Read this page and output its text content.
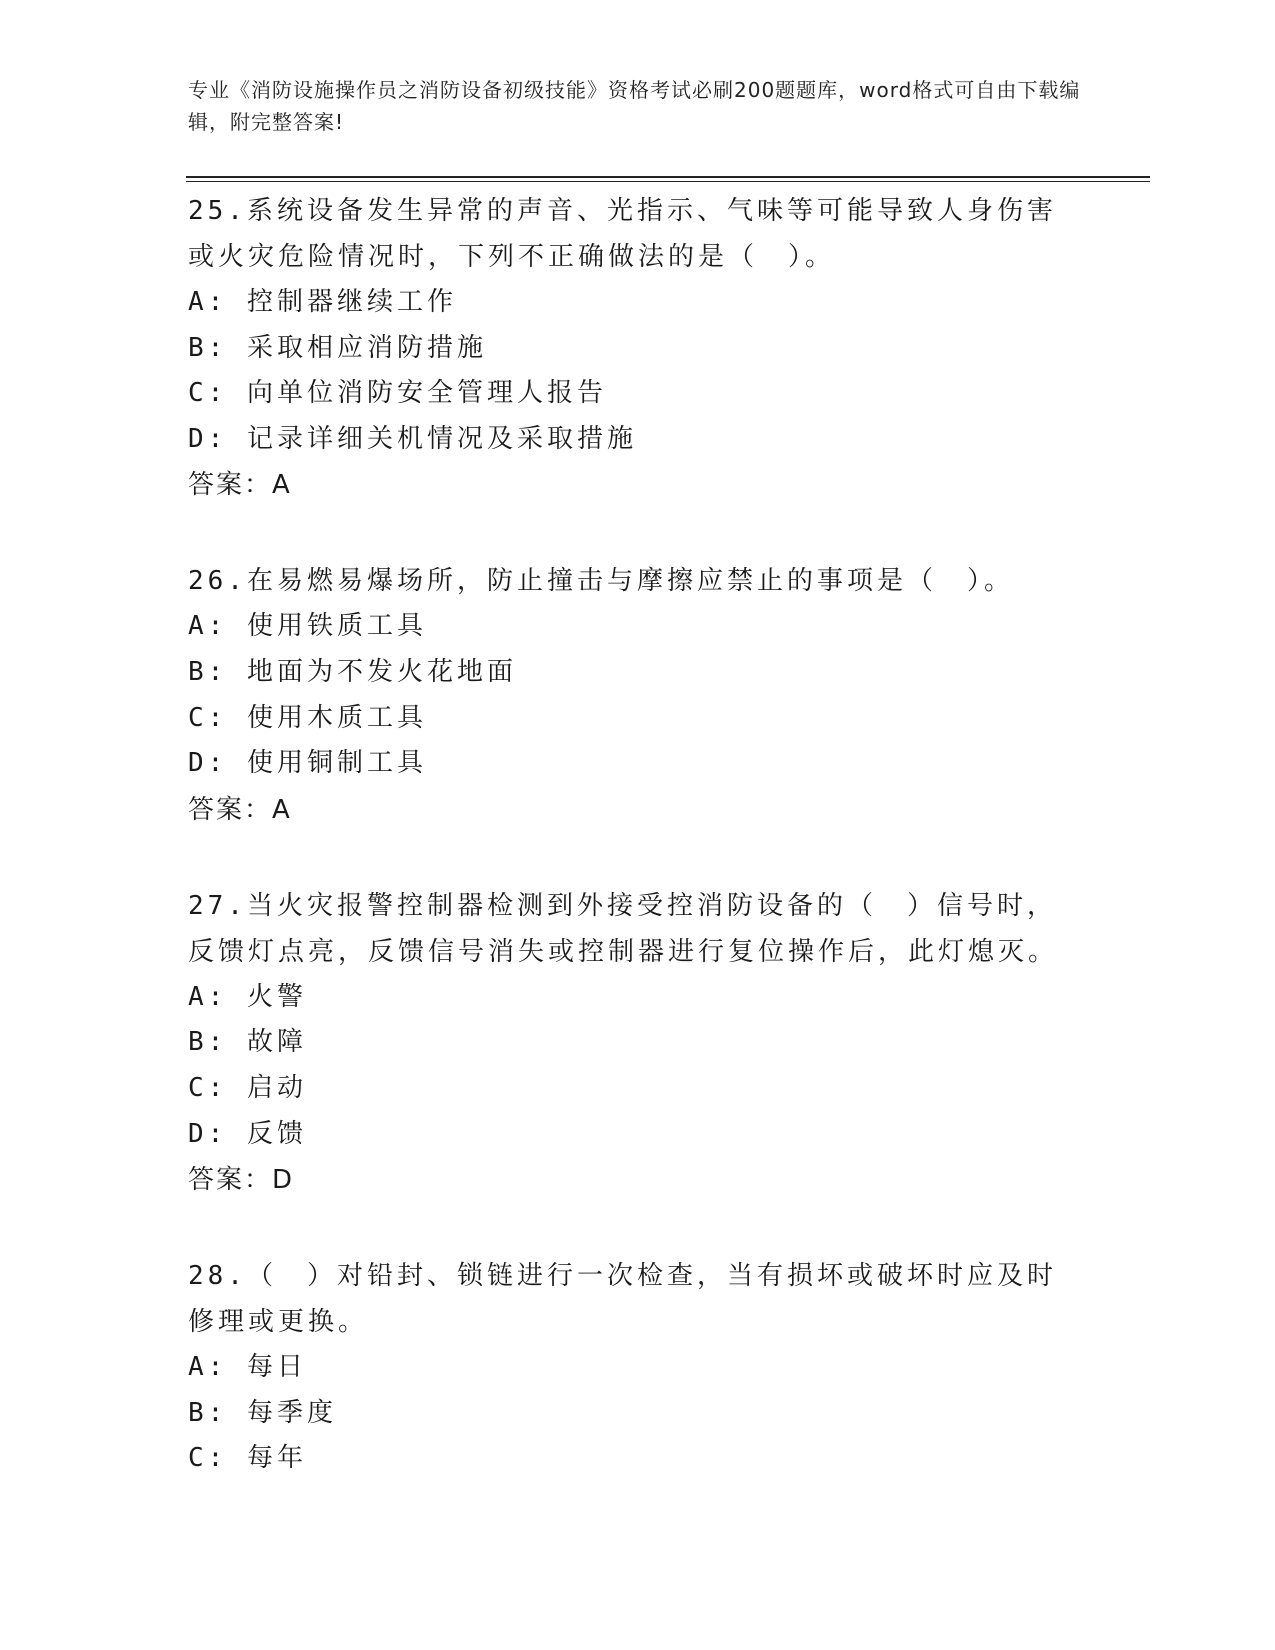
专业《消防设施操作员之消防设备初级技能》资格考试必刷200题题库，word格式可自由下载编辑，附完整答案!

25.系统设备发生异常的声音、光指示、气味等可能导致人身伤害或火灾危险情况时，下列不正确做法的是（　）。

A: 控制器继续工作

B: 采取相应消防措施

C: 向单位消防安全管理人报告

D: 记录详细关机情况及采取措施

答案：A

26.在易燃易爆场所，防止撞击与摩擦应禁止的事项是（　）。

A: 使用铁质工具

B: 地面为不发火花地面

C: 使用木质工具

D: 使用铜制工具

答案：A

27.当火灾报警控制器检测到外接受控消防设备的（　）信号时，反馈灯点亮，反馈信号消失或控制器进行复位操作后，此灯熄灭。

A: 火警

B: 故障

C: 启动

D: 反馈

答案：D

28.（　）对铅封、锁链进行一次检查，当有损坏或破坏时应及时修理或更换。

A: 每日

B: 每季度

C: 每年
